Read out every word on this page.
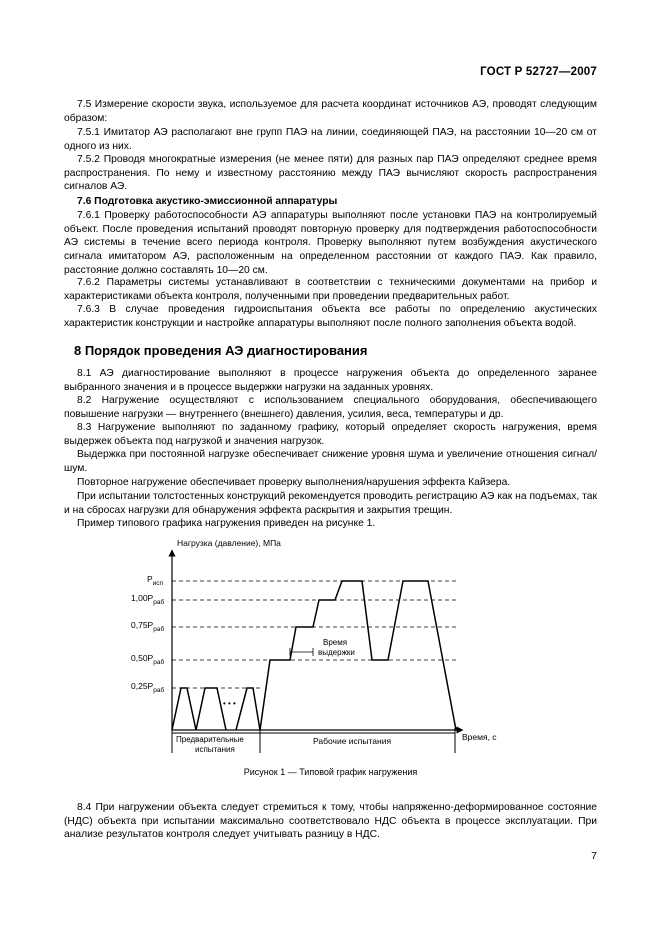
ГОСТ Р 52727—2007

7.5 Измерение скорости звука, используемое для расчета координат источников АЭ, проводят следующим образом:

7.5.1 Имитатор АЭ располагают вне групп ПАЭ на линии, соединяющей ПАЭ, на расстоянии 10—20 см от одного из них.

7.5.2 Проводя многократные измерения (не менее пяти) для разных пар ПАЭ определяют среднее время распространения. По нему и известному расстоянию между ПАЭ вычисляют скорость распространения сигналов АЭ.

7.6 Подготовка акустико-эмиссионной аппаратуры

7.6.1 Проверку работоспособности АЭ аппаратуры выполняют после установки ПАЭ на контролируемый объект. После проведения испытаний проводят повторную проверку для подтверждения работоспособности АЭ системы в течение всего периода контроля. Проверку выполняют путем возбуждения акустического сигнала имитатором АЭ, расположенным на определенном расстоянии от каждого ПАЭ. Как правило, расстояние должно составлять 10—20 см.

7.6.2 Параметры системы устанавливают в соответствии с техническими документами на прибор и характеристиками объекта контроля, полученными при проведении предварительных работ.

7.6.3 В случае проведения гидроиспытания объекта все работы по определению акустических характеристик конструкции и настройке аппаратуры выполняют после полного заполнения объекта водой.

8 Порядок проведения АЭ диагностирования

8.1 АЭ диагностирование выполняют в процессе нагружения объекта до определенного заранее выбранного значения и в процессе выдержки нагрузки на заданных уровнях.

8.2 Нагружение осуществляют с использованием специального оборудования, обеспечивающего повышение нагрузки — внутреннего (внешнего) давления, усилия, веса, температуры и др.

8.3 Нагружение выполняют по заданному графику, который определяет скорость нагружения, время выдержек объекта под нагрузкой и значения нагрузок.

Выдержка при постоянной нагрузке обеспечивает снижение уровня шума и увеличение отношения сигнал/шум.

Повторное нагружение обеспечивает проверку выполнения/нарушения эффекта Кайзера.

При испытании толстостенных конструкций рекомендуется проводить регистрацию АЭ как на подъемах, так и на сбросах нагрузки для обнаружения эффекта раскрытия и закрытия трещин.

Пример типового графика нагружения приведен на рисунке 1.

Нагрузка (давление), МПа
Время, с
$P_{исп}$
$1,00P_{раб}$
$0,75P_{раб}$
$0,50P_{раб}$
$0,25P_{раб}$
• • •
Время
выдержки
Предварительные
испытания
Рабочие испытания
Рисунок 1 — Типовой график нагружения

8.4 При нагружении объекта следует стремиться к тому, чтобы напряженно-деформированное состояние (НДС) объекта при испытании максимально соответствовало НДС объекта в процессе эксплуатации. При анализе результатов контроля следует учитывать разницу в НДС.

7
